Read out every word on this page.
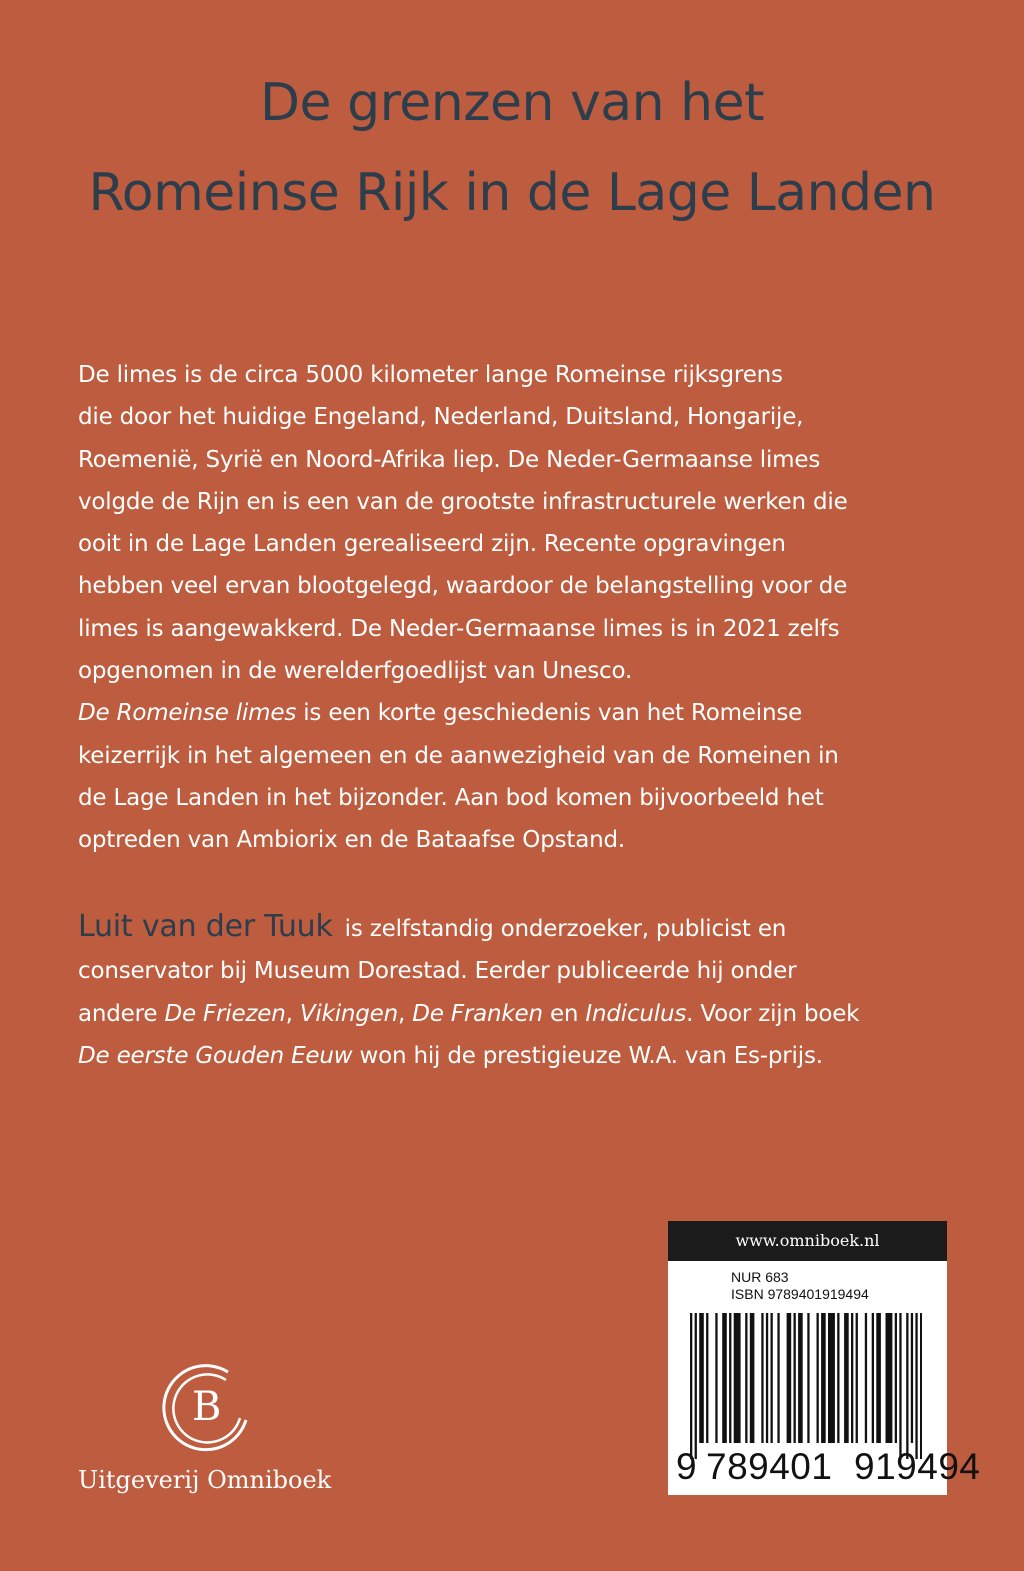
De grenzen van het
Romeinse Rijk in de Lage Landen

De limes is de circa 5000 kilometer lange Romeinse rijksgrens
die door het huidige Engeland, Nederland, Duitsland, Hongarije,
Roemenië, Syrië en Noord-Afrika liep. De Neder-Germaanse limes
volgde de Rijn en is een van de grootste infrastructurele werken die
ooit in de Lage Landen gerealiseerd zijn. Recente opgravingen
hebben veel ervan blootgelegd, waardoor de belangstelling voor de
limes is aangewakkerd. De Neder-Germaanse limes is in 2021 zelfs
opgenomen in de werelderfgoedlijst van Unesco.
De Romeinse limes is een korte geschiedenis van het Romeinse
keizerrijk in het algemeen en de aanwezigheid van de Romeinen in
de Lage Landen in het bijzonder. Aan bod komen bijvoorbeeld het
optreden van Ambiorix en de Bataafse Opstand.

Luit van der Tuuk is zelfstandig onderzoeker, publicist en
conservator bij Museum Dorestad. Eerder publiceerde hij onder
andere De Friezen, Vikingen, De Franken en Indiculus. Voor zijn boek
De eerste Gouden Eeuw won hij de prestigieuze W.A. van Es-prijs.

B
Uitgeverij Omniboek
www.omniboek.nl
NUR 683
ISBN 9789401919494
9 789401 919494
